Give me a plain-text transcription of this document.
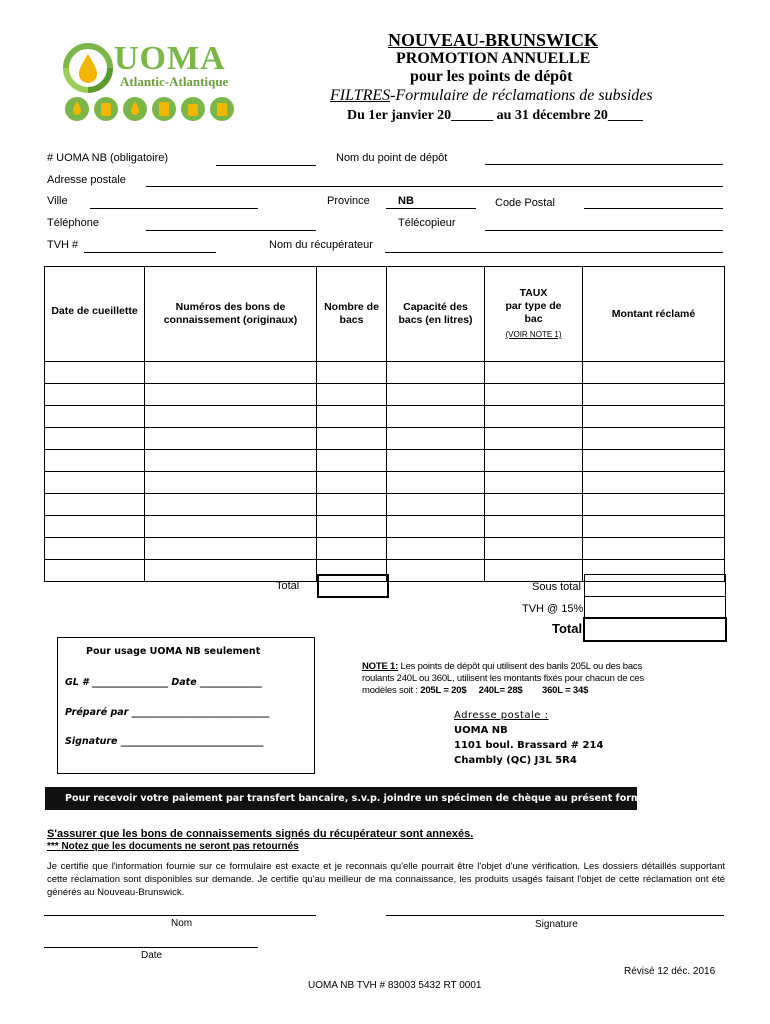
UOMA
Atlantic-Atlantique
NOUVEAU-BRUNSWICK
PROMOTION ANNUELLE
pour les points de dépôt
FILTRES-Formulaire de réclamations de subsides
Du 1er janvier 20______ au 31 décembre 20_____
# UOMA NB (obligatoire)	Nom du point de dépôt
Adresse postale
Ville	Province	NB	Code Postal
Téléphone	Télécopieur
TVH #	Nom du récupérateur
Date de cueillette	Numéros des bons de connaissement (originaux)	Nombre de bacs	Capacité des bacs (en litres)	TAUX
par type de bac
(VOIR NOTE 1)	Montant réclamé

Total	Sous total
TVH @ 15%
Total
Pour usage UOMA NB seulement
GL # ________________ Date _____________
Préparé par _____________________________
Signature ______________________________
NOTE 1: Les points de dépôt qui utilisent des barils 205L ou des bacs roulants 240L ou 360L, utilisent les montants fixés pour chacun de ces modèles soit : 205L = 20$     240L= 28$        360L = 34$
Adresse postale :
UOMA NB
1101 boul. Brassard # 214
Chambly (QC) J3L 5R4
Pour recevoir votre paiement par transfert bancaire, s.v.p. joindre un spécimen de chèque au présent formulaire.
S'assurer que les bons de connaissements signés du récupérateur sont annexés.
*** Notez que les documents ne seront pas retournés
Je certifie que l'information fournie sur ce formulaire est exacte et je reconnais qu'elle pourrait être l'objet d'une vérification. Les dossiers détaillés supportant cette réclamation sont disponibles sur demande. Je certifie qu'au meilleur de ma connaissance, les produits usagés faisant l'objet de cette réclamation ont été générés au Nouveau-Brunswick.
Nom	Signature
Date
Révisé 12 déc. 2016
UOMA NB TVH # 83003 5432 RT 0001
